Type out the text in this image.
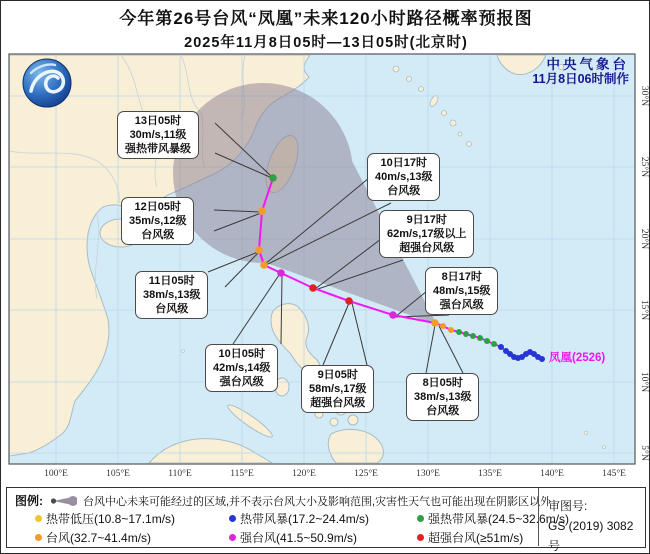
今年第26号台风“凤凰”未来120小时路径概率预报图
2025年11月8日05时—13日05时(北京时)
100°E	105°E	110°E	115°E	120°E	125°E	130°E	135°E	140°E	145°E
30°N
25°N
20°N
15°N
10°N
5°N
中央气象台
11月8日06时制作
凤凰(2526)
8日05时
38m/s,13级
台风级
8日17时
48m/s,15级
强台风级
9日05时
58m/s,17级
超强台风级
9日17时
62m/s,17级以上
超强台风级
10日05时
42m/s,14级
强台风级
10日17时
40m/s,13级
台风级
11日05时
38m/s,13级
台风级
12日05时
35m/s,12级
台风级
13日05时
30m/s,11级
强热带风暴级
图例:	台风中心未来可能经过的区域,并不表示台风大小及影响范围,灾害性天气也可能出现在阴影区以外
热带低压(10.8~17.1m/s)	热带风暴(17.2~24.4m/s)	强热带风暴(24.5~32.6m/s)
台风(32.7~41.4m/s)	强台风(41.5~50.9m/s)	超强台风(≥51m/s)
审图号:
GS (2019) 3082号
